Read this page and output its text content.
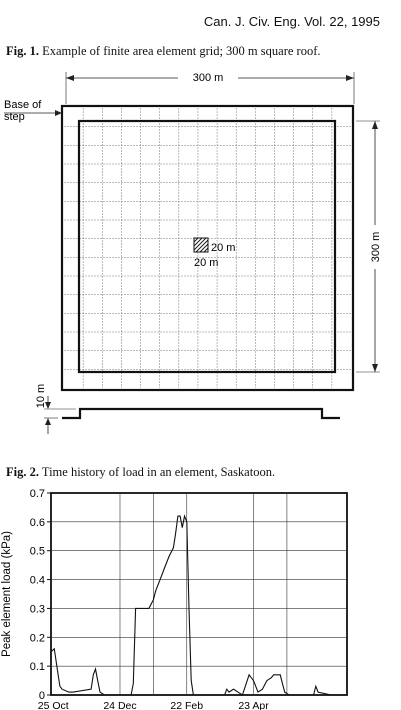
Can. J. Civ. Eng. Vol. 22, 1995
Fig. 1. Example of finite area element grid; 300 m square roof.
300 m
Base of
step
20 m
20 m
300 m
10 m
Fig. 2. Time history of load in an element, Saskatoon.
0.7
0.6
0.5
0.4
0.3
0.2
0.1
0
25 Oct	24 Dec	22 Feb	23 Apr
Peak element load (kPa)
